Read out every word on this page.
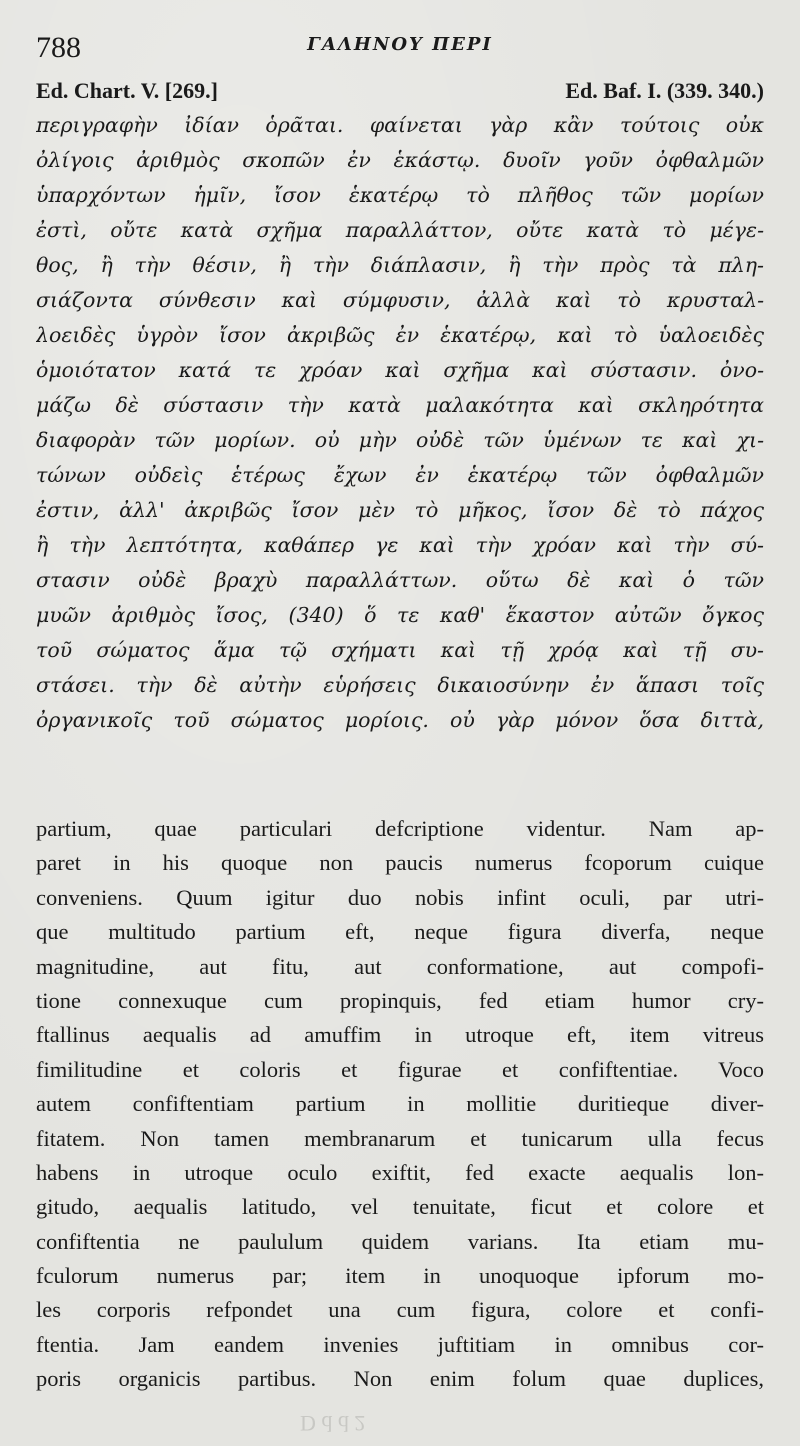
788	ΓΑΛΗΝΟΥ ΠΕΡΙ
Ed. Chart. V. [269.]	Ed. Baf. I. (339. 340.)
περιγραφὴν ἰδίαν ὁρᾶται. φαίνεται γὰρ κἂν τούτοις οὐκ
ὀλίγοις ἀριθμὸς σκοπῶν ἐν ἑκάστῳ. δυοῖν γοῦν ὀφθαλμῶν
ὑπαρχόντων ἡμῖν, ἴσον ἑκατέρῳ τὸ πλῆθος τῶν μορίων
ἐστὶ, οὔτε κατὰ σχῆμα παραλλάττον, οὔτε κατὰ τὸ μέγε-
θος, ἢ τὴν θέσιν, ἢ τὴν διάπλασιν, ἢ τὴν πρὸς τὰ πλη-
σιάζοντα σύνθεσιν καὶ σύμφυσιν, ἀλλὰ καὶ τὸ κρυσταλ-
λοειδὲς ὑγρὸν ἴσον ἀκριβῶς ἐν ἑκατέρῳ, καὶ τὸ ὑαλοειδὲς
ὁμοιότατον κατά τε χρόαν καὶ σχῆμα καὶ σύστασιν. ὀνο-
μάζω δὲ σύστασιν τὴν κατὰ μαλακότητα καὶ σκληρότητα
διαφορὰν τῶν μορίων. οὐ μὴν οὐδὲ τῶν ὑμένων τε καὶ χι-
τώνων οὐδεὶς ἑτέρως ἔχων ἐν ἑκατέρῳ τῶν ὀφθαλμῶν
ἐστιν, ἀλλ' ἀκριβῶς ἴσον μὲν τὸ μῆκος, ἴσον δὲ τὸ πάχος
ἢ τὴν λεπτότητα, καθάπερ γε καὶ τὴν χρόαν καὶ τὴν σύ-
στασιν οὐδὲ βραχὺ παραλλάττων. οὕτω δὲ καὶ ὁ τῶν
μυῶν ἀριθμὸς ἴσος, (340) ὅ τε καθ' ἕκαστον αὐτῶν ὄγκος
τοῦ σώματος ἅμα τῷ σχήματι καὶ τῇ χρόᾳ καὶ τῇ συ-
στάσει. τὴν δὲ αὐτὴν εὑρήσεις δικαιοσύνην ἐν ἅπασι τοῖς
ὀργανικοῖς τοῦ σώματος μορίοις. οὐ γὰρ μόνον ὅσα διττὰ,
partium, quae particulari defcriptione videntur. Nam ap-
paret in his quoque non paucis numerus fcoporum cuique
conveniens. Quum igitur duo nobis infint oculi, par utri-
que multitudo partium eft, neque figura diverfa, neque
magnitudine, aut fitu, aut conformatione, aut compofi-
tione connexuque cum propinquis, fed etiam humor cry-
ftallinus aequalis ad amuffim in utroque eft, item vitreus
fimilitudine et coloris et figurae et confiftentiae. Voco
autem confiftentiam partium in mollitie duritieque diver-
fitatem. Non tamen membranarum et tunicarum ulla fecus
habens in utroque oculo exiftit, fed exacte aequalis lon-
gitudo, aequalis latitudo, vel tenuitate, ficut et colore et
confiftentia ne paululum quidem varians. Ita etiam mu-
fculorum numerus par; item in unoquoque ipforum mo-
les corporis refpondet una cum figura, colore et confi-
ftentia. Jam eandem invenies juftitiam in omnibus cor-
poris organicis partibus. Non enim folum quae duplices,
D d d 2
